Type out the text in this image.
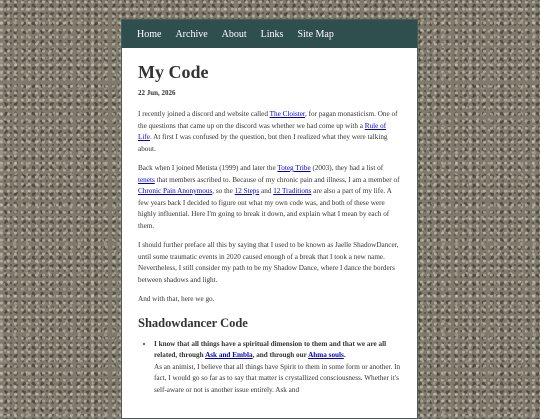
Home Archive About Links Site Map
My Code
22 Jun, 2026

I recently joined a discord and website called The Cloister, for pagan monasticism. One of the questions that came up on the discord was whether we had come up with a Rule of Life. At first I was confused by the question, but then I realized what they were talking about.

Back when I joined Metista (1999) and later the Toteg Tribe (2003), they had a list of tenets that members ascribed to. Because of my chronic pain and illness, I am a member of Chronic Pain Anonymous, so the 12 Steps and 12 Traditions are also a part of my life. A few years back I decided to figure out what my own code was, and both of these were highly influential. Here I'm going to break it down, and explain what I mean by each of them.

I should further preface all this by saying that I used to be known as Jaelle ShadowDancer, until some traumatic events in 2020 caused enough of a break that I took a new name. Nevertheless, I still consider my path to be my Shadow Dance, where I dance the borders between shadows and light.

And with that, here we go.

Shadowdancer Code
• I know that all things have a spiritual dimension to them and that we are all related, through Ask and Embla, and through our Ahma souls.
As an animist, I believe that all things have Spirit to them in some form or another. In fact, I would go so far as to say that matter is crystallized consciousness. Whether it's self-aware or not is another issue entirely. Ask and
